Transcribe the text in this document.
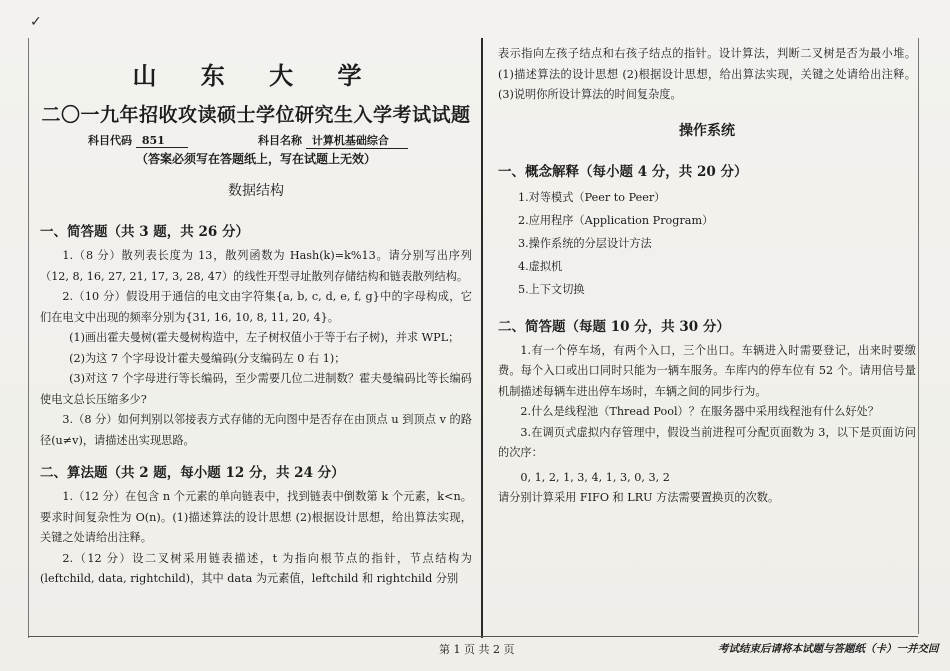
✓
山 东 大 学
二〇一九年招收攻读硕士学位研究生入学考试试题
科目代码 851	科目名称 计算机基础综合
（答案必须写在答题纸上，写在试题上无效）
数据结构
一、简答题（共 3 题，共 26 分）

1.（8 分）散列表长度为 13，散列函数为 Hash(k)=k%13。请分别写出序列（12, 8, 16, 27, 21, 17, 3, 28, 47）的线性开型寻址散列存储结构和链表散列结构。

2.（10 分）假设用于通信的电文由字符集{a, b, c, d, e, f, g}中的字母构成，它们在电文中出现的频率分别为{31, 16, 10, 8, 11, 20, 4}。

(1)画出霍夫曼树(霍夫曼树构造中，左子树权值小于等于右子树)，并求 WPL；

(2)为这 7 个字母设计霍夫曼编码(分支编码左 0 右 1)；

(3)对这 7 个字母进行等长编码，至少需要几位二进制数？霍夫曼编码比等长编码使电文总长压缩多少?

3.（8 分）如何判别以邻接表方式存储的无向图中是否存在由顶点 u 到顶点 v 的路径(u≠v)，请描述出实现思路。

二、算法题（共 2 题，每小题 12 分，共 24 分）

1.（12 分）在包含 n 个元素的单向链表中，找到链表中倒数第 k 个元素，k<n。要求时间复杂性为 O(n)。(1)描述算法的设计思想 (2)根据设计思想，给出算法实现，关键之处请给出注释。

2.（12 分）设二叉树采用链表描述，t 为指向根节点的指针，节点结构为(leftchild, data, rightchild)，其中 data 为元素值，leftchild 和 rightchild 分别

表示指向左孩子结点和右孩子结点的指针。设计算法，判断二叉树是否为最小堆。(1)描述算法的设计思想 (2)根据设计思想，给出算法实现，关键之处请给出注释。(3)说明你所设计算法的时间复杂度。

操作系统
一、概念解释（每小题 4 分，共 20 分）

1.对等模式（Peer to Peer）

2.应用程序（Application Program）

3.操作系统的分层设计方法

4.虚拟机

5.上下文切换

二、简答题（每题 10 分，共 30 分）

1.有一个停车场，有两个入口，三个出口。车辆进入时需要登记，出来时要缴费。每个入口或出口同时只能为一辆车服务。车库内的停车位有 52 个。请用信号量机制描述每辆车进出停车场时，车辆之间的同步行为。

2.什么是线程池（Thread Pool）？在服务器中采用线程池有什么好处？

3.在调页式虚拟内存管理中，假设当前进程可分配页面数为 3，以下是页面访问的次序：

0, 1, 2, 1, 3, 4, 1, 3, 0, 3, 2

请分别计算采用 FIFO 和 LRU 方法需要置换页的次数。

第 1 页 共 2 页	考试结束后请将本试题与答题纸（卡）一并交回
